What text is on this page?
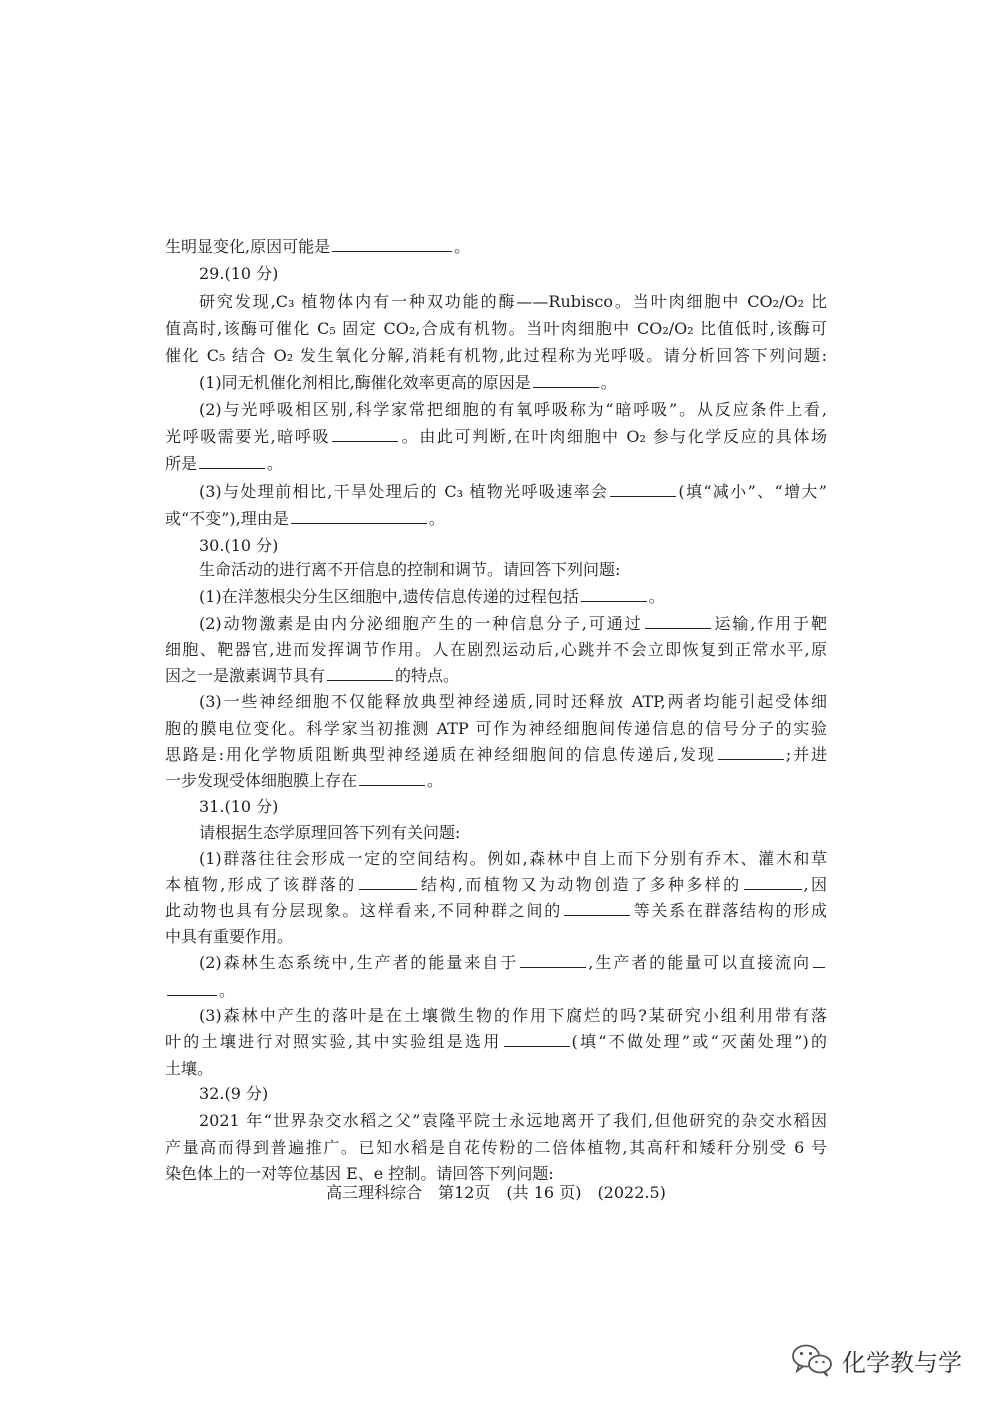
生明显变化,原因可能是	。
29.(10 分)
研究发现,C₃ 植物体内有一种双功能的酶——Rubisco。当叶肉细胞中 CO₂/O₂ 比
值高时,该酶可催化 C₅ 固定 CO₂,合成有机物。当叶肉细胞中 CO₂/O₂ 比值低时,该酶可
催化 C₅ 结合 O₂ 发生氧化分解,消耗有机物,此过程称为光呼吸。请分析回答下列问题:
(1)同无机催化剂相比,酶催化效率更高的原因是	。
(2)与光呼吸相区别,科学家常把细胞的有氧呼吸称为“暗呼吸”。从反应条件上看,
光呼吸需要光,暗呼吸	。由此可判断,在叶肉细胞中 O₂ 参与化学反应的具体场
所是	。
(3)与处理前相比,干旱处理后的 C₃ 植物光呼吸速率会	(填“减小”、“增大”
或“不变”),理由是	。
30.(10 分)
生命活动的进行离不开信息的控制和调节。请回答下列问题:
(1)在洋葱根尖分生区细胞中,遗传信息传递的过程包括	。
(2)动物激素是由内分泌细胞产生的一种信息分子,可通过	运输,作用于靶
细胞、靶器官,进而发挥调节作用。人在剧烈运动后,心跳并不会立即恢复到正常水平,原
因之一是激素调节具有	的特点。
(3)一些神经细胞不仅能释放典型神经递质,同时还释放 ATP,两者均能引起受体细
胞的膜电位变化。科学家当初推测 ATP 可作为神经细胞间传递信息的信号分子的实验
思路是:用化学物质阻断典型神经递质在神经细胞间的信息传递后,发现	;并进
一步发现受体细胞膜上存在	。
31.(10 分)
请根据生态学原理回答下列有关问题:
(1)群落往往会形成一定的空间结构。例如,森林中自上而下分别有乔木、灌木和草
本植物,形成了该群落的	结构,而植物又为动物创造了多种多样的	,因
此动物也具有分层现象。这样看来,不同种群之间的	等关系在群落结构的形成
中具有重要作用。
(2)森林生态系统中,生产者的能量来自于	,生产者的能量可以直接流向
。
(3)森林中产生的落叶是在土壤微生物的作用下腐烂的吗?某研究小组利用带有落
叶的土壤进行对照实验,其中实验组是选用	(填“不做处理”或“灭菌处理”)的
土壤。
32.(9 分)
2021 年“世界杂交水稻之父”袁隆平院士永远地离开了我们,但他研究的杂交水稻因
产量高而得到普遍推广。已知水稻是自花传粉的二倍体植物,其高秆和矮秆分别受 6 号
染色体上的一对等位基因 E、e 控制。请回答下列问题:
高三理科综合　第12页　(共 16 页)　(2022.5)
化学教与学
